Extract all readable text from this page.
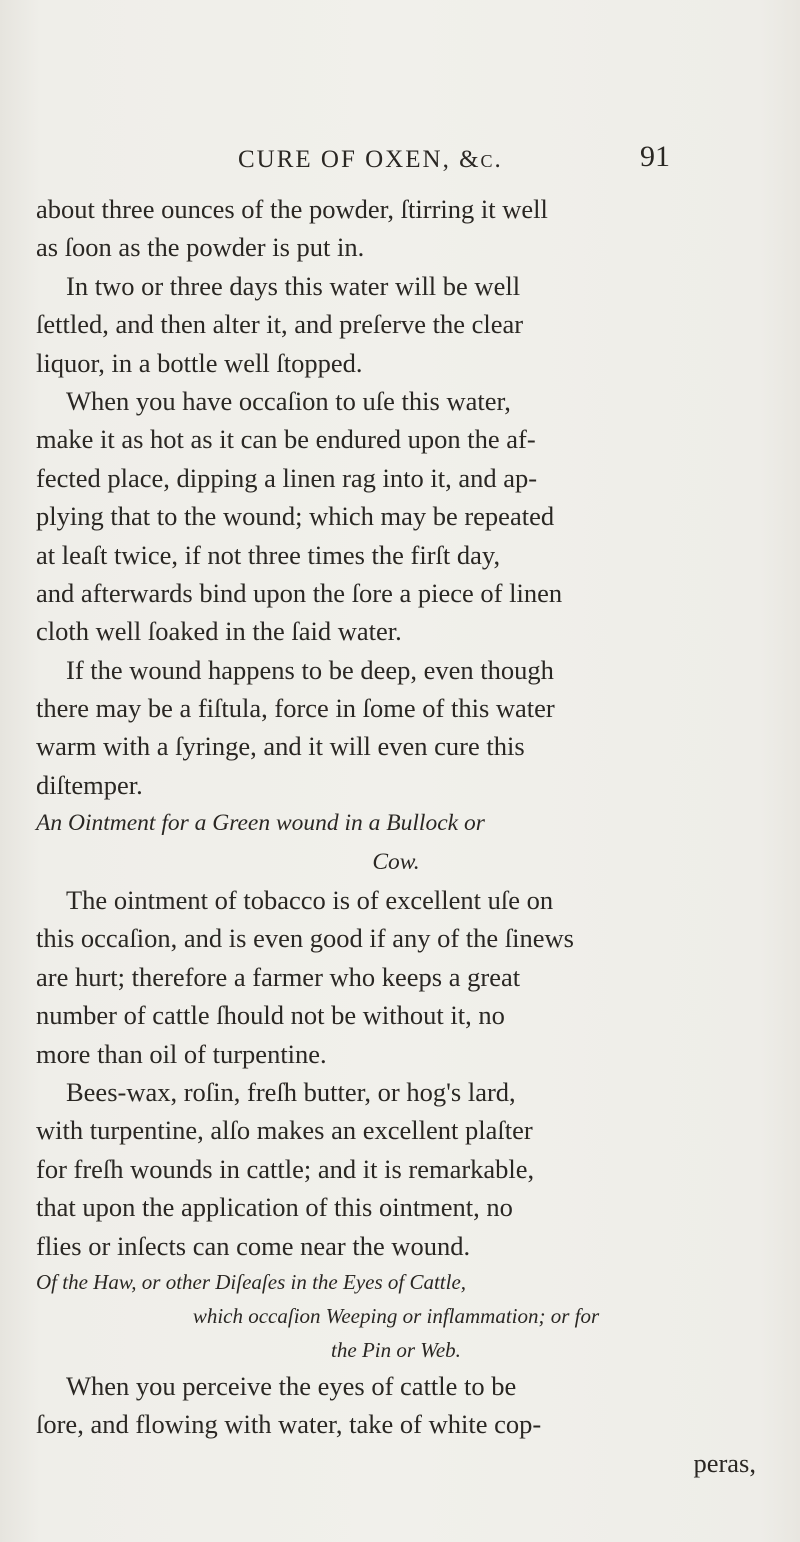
CURE OF OXEN, &c.	91
about three ounces of the powder, ſtirring it well
as ſoon as the powder is put in.
In two or three days this water will be well
ſettled, and then alter it, and preſerve the clear
liquor, in a bottle well ſtopped.
When you have occaſion to uſe this water,
make it as hot as it can be endured upon the af-
fected place, dipping a linen rag into it, and ap-
plying that to the wound; which may be repeated
at leaſt twice, if not three times the firſt day,
and afterwards bind upon the ſore a piece of linen
cloth well ſoaked in the ſaid water.
If the wound happens to be deep, even though
there may be a fiſtula, force in ſome of this water
warm with a ſyringe, and it will even cure this
diſtemper.
An Ointment for a Green wound in a Bullock or
Cow.
The ointment of tobacco is of excellent uſe on
this occaſion, and is even good if any of the ſinews
are hurt; therefore a farmer who keeps a great
number of cattle ſhould not be without it, no
more than oil of turpentine.
Bees-wax, roſin, freſh butter, or hog's lard,
with turpentine, alſo makes an excellent plaſter
for freſh wounds in cattle; and it is remarkable,
that upon the application of this ointment, no
flies or inſects can come near the wound.
Of the Haw, or other Diſeaſes in the Eyes of Cattle,
which occaſion Weeping or inflammation; or for
the Pin or Web.
When you perceive the eyes of cattle to be
ſore, and flowing with water, take of white cop-
peras,
